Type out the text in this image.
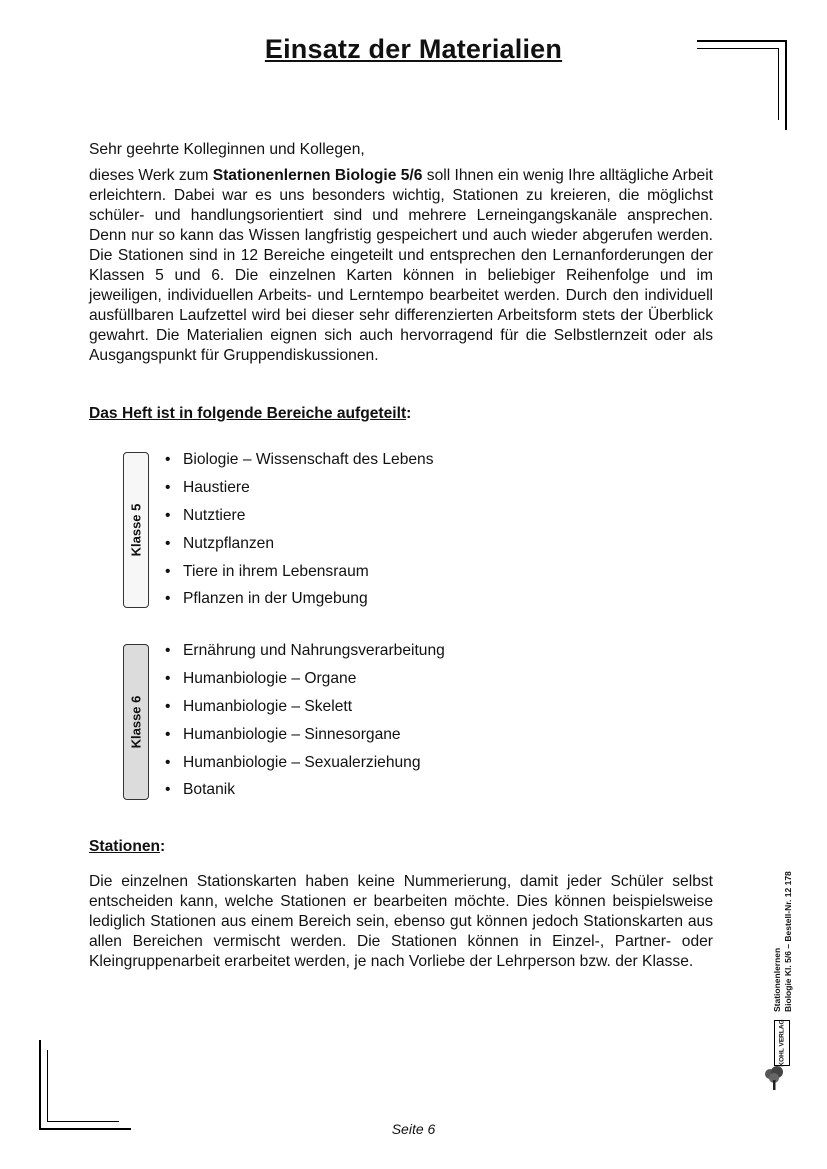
Einsatz der Materialien
Sehr geehrte Kolleginnen und Kollegen,
dieses Werk zum Stationenlernen Biologie 5/6 soll Ihnen ein wenig Ihre alltägliche Arbeit erleichtern. Dabei war es uns besonders wichtig, Stationen zu kreieren, die möglichst schüler- und handlungsorientiert sind und mehrere Lerneingangskanäle ansprechen. Denn nur so kann das Wissen langfristig gespeichert und auch wieder abgerufen werden. Die Stationen sind in 12 Bereiche eingeteilt und entsprechen den Lernanforderungen der Klassen 5 und 6. Die einzelnen Karten können in beliebiger Reihenfolge und im jeweiligen, individuellen Arbeits- und Lerntempo bearbeitet werden. Durch den individuell ausfüllbaren Laufzettel wird bei dieser sehr differenzierten Arbeitsform stets der Überblick gewahrt. Die Materialien eignen sich auch hervorragend für die Selbstlernzeit oder als Ausgangspunkt für Gruppendiskussionen.
Das Heft ist in folgende Bereiche aufgeteilt:
Klasse 5
• Biologie – Wissenschaft des Lebens
• Haustiere
• Nutztiere
• Nutzpflanzen
• Tiere in ihrem Lebensraum
• Pflanzen in der Umgebung
Klasse 6
• Ernährung und Nahrungsverarbeitung
• Humanbiologie – Organe
• Humanbiologie – Skelett
• Humanbiologie – Sinnesorgane
• Humanbiologie – Sexualerziehung
• Botanik
Stationen:
Die einzelnen Stationskarten haben keine Nummerierung, damit jeder Schüler selbst entscheiden kann, welche Stationen er bearbeiten möchte. Dies können beispielsweise lediglich Stationen aus einem Bereich sein, ebenso gut können jedoch Stationskarten aus allen Bereichen vermischt werden. Die Stationen können in Einzel-, Partner- oder Kleingruppenarbeit erarbeitet werden, je nach Vorliebe der Lehrperson bzw. der Klasse.	Stationenlernen Biologie Kl. 5/6 – Bestell-Nr. 12 178
KOHL VERLAG
Seite 6
